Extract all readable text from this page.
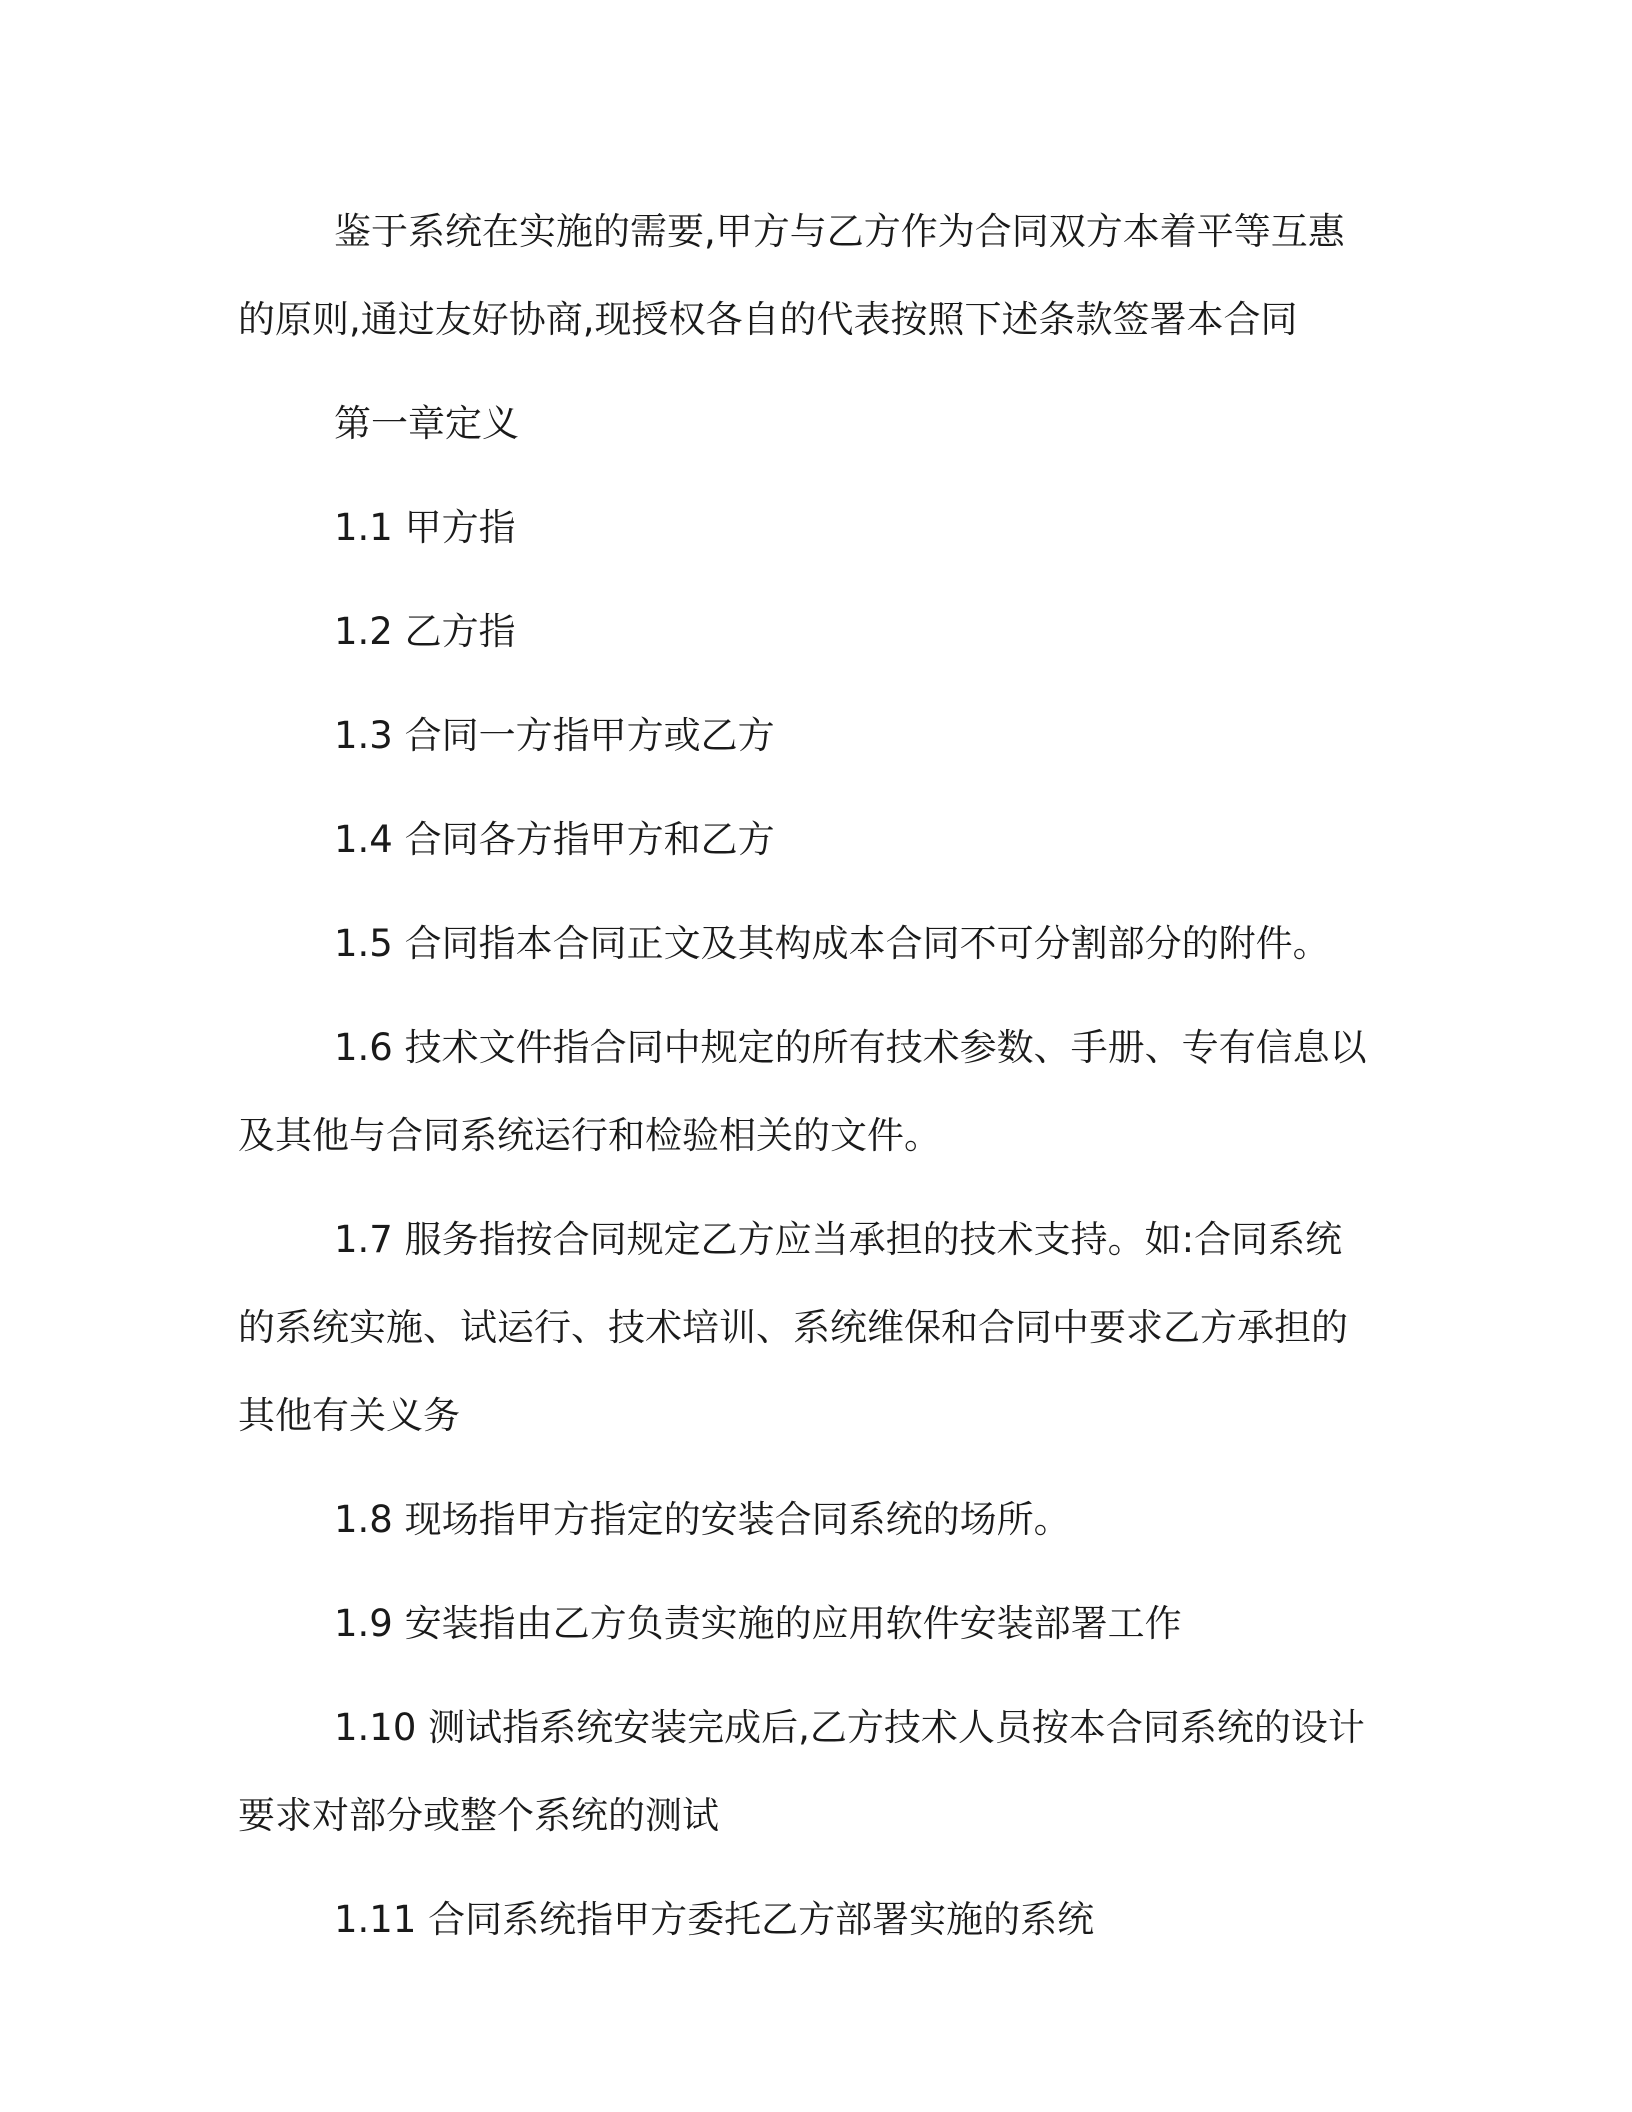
鉴于系统在实施的需要,甲方与乙方作为合同双方本着平等互惠的原则,通过友好协商,现授权各自的代表按照下述条款签署本合同

第一章定义

1.1 甲方指

1.2 乙方指

1.3 合同一方指甲方或乙方

1.4 合同各方指甲方和乙方

1.5 合同指本合同正文及其构成本合同不可分割部分的附件。

1.6 技术文件指合同中规定的所有技术参数、手册、专有信息以及其他与合同系统运行和检验相关的文件。

1.7 服务指按合同规定乙方应当承担的技术支持。如:合同系统的系统实施、试运行、技术培训、系统维保和合同中要求乙方承担的其他有关义务

1.8 现场指甲方指定的安装合同系统的场所。

1.9 安装指由乙方负责实施的应用软件安装部署工作

1.10 测试指系统安装完成后,乙方技术人员按本合同系统的设计要求对部分或整个系统的测试

1.11 合同系统指甲方委托乙方部署实施的系统
